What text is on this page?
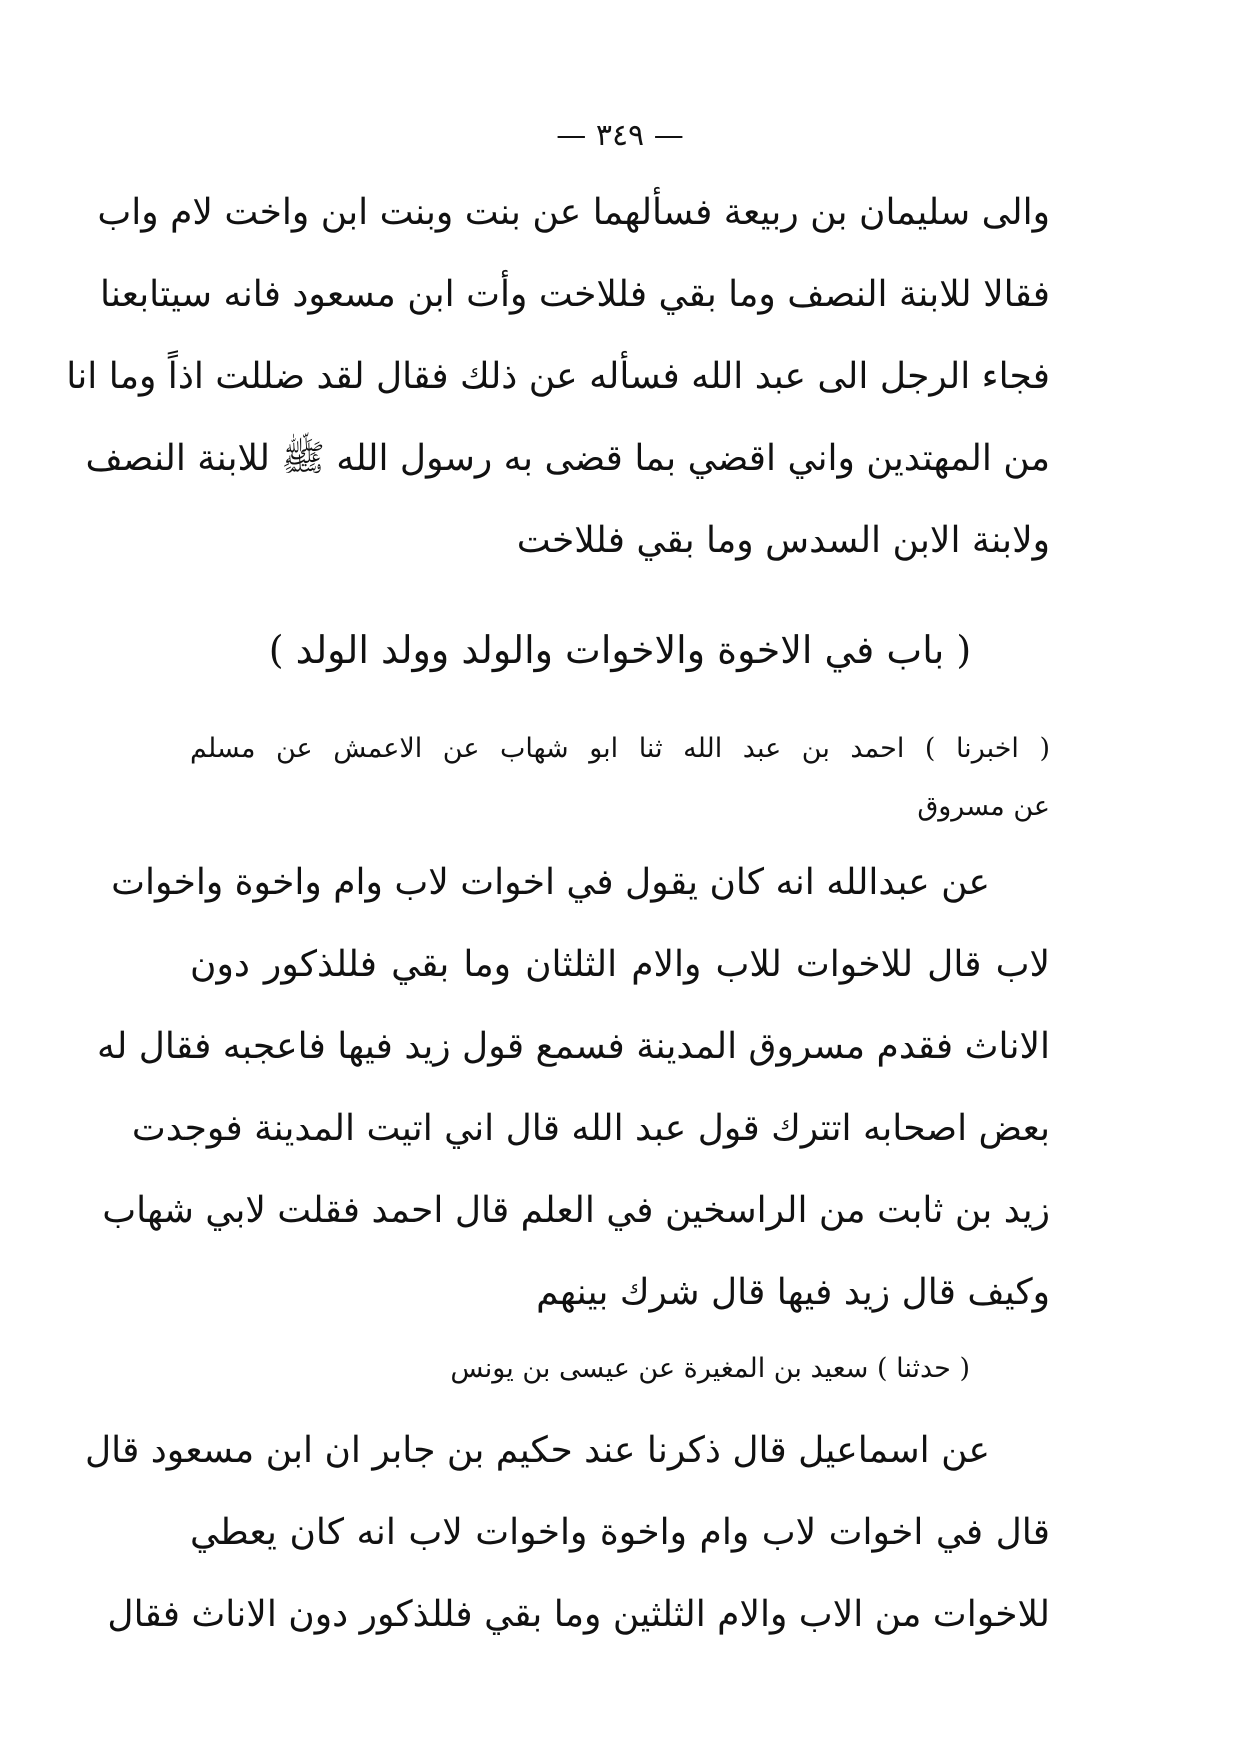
— ٣٤٩ —
والى سليمان بن ربيعة فسألهما عن بنت وبنت ابن واخت لام واب
فقالا للابنة النصف وما بقي فللاخت وأت ابن مسعود فانه سيتابعنا
فجاء الرجل الى عبد الله فسأله عن ذلك فقال لقد ضللت اذاً وما انا
من المهتدين واني اقضي بما قضى به رسول الله ﷺ للابنة النصف
ولابنة الابن السدس وما بقي فللاخت
( باب في الاخوة والاخوات والولد وولد الولد )
( اخبرنا ) احمد بن عبد الله ثنا ابو شهاب عن الاعمش عن مسلم
عن مسروق
عن عبدالله انه كان يقول في اخوات لاب وام واخوة واخوات
لاب قال للاخوات للاب والام الثلثان وما بقي فللذكور دون
الاناث فقدم مسروق المدينة فسمع قول زيد فيها فاعجبه فقال له
بعض اصحابه اتترك قول عبد الله قال اني اتيت المدينة فوجدت
زيد بن ثابت من الراسخين في العلم قال احمد فقلت لابي شهاب
وكيف قال زيد فيها قال شرك بينهم
( حدثنا ) سعيد بن المغيرة عن عيسى بن يونس
عن اسماعيل قال ذكرنا عند حكيم بن جابر ان ابن مسعود قال
قال في اخوات لاب وام واخوة واخوات لاب انه كان يعطي
للاخوات من الاب والام الثلثين وما بقي فللذكور دون الاناث فقال
